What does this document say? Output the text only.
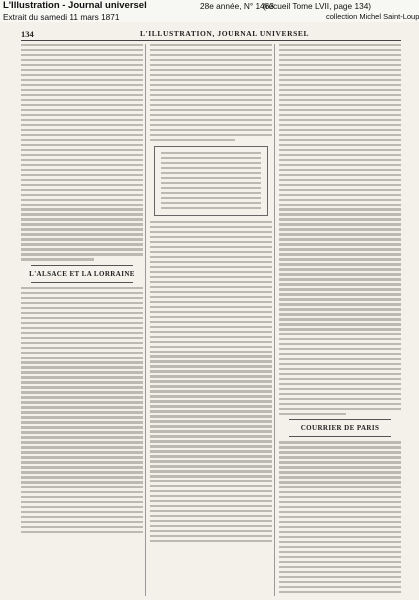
L'Illustration - Journal universel	28e année, N° 1463
(recueil Tome LVII, page 134)
Extrait du samedi 11 mars 1871	collection Michel Saint-Loup
134	L'ILLUSTRATION, JOURNAL UNIVERSEL
L'ALSACE ET LA LORRAINE
COURRIER DE PARIS
